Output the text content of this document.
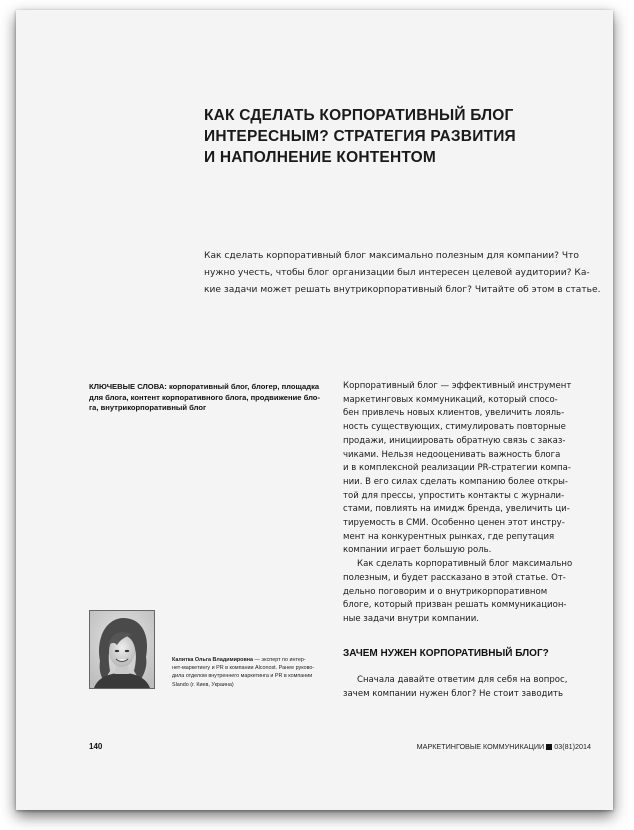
КАК СДЕЛАТЬ КОРПОРАТИВНЫЙ БЛОГ
ИНТЕРЕСНЫМ? СТРАТЕГИЯ РАЗВИТИЯ
И НАПОЛНЕНИЕ КОНТЕНТОМ

Как сделать корпоративный блог максимально полезным для компании? Что
нужно учесть, чтобы блог организации был интересен целевой аудитории? Ка-
кие задачи может решать внутрикорпоративный блог? Читайте об этом в статье.

КЛЮЧЕВЫЕ СЛОВА: корпоративный блог, блогер, площадка
для блога, контент корпоративного блога, продвижение бло-
га, внутрикорпоративный блог

Корпоративный блог — эффективный инструмент
маркетинговых коммуникаций, который спосо-
бен привлечь новых клиентов, увеличить лояль-
ность существующих, стимулировать повторные
продажи, инициировать обратную связь с заказ-
чиками. Нельзя недооценивать важность блога
и в комплексной реализации PR-стратегии компа-
нии. В его силах сделать компанию более откры-
той для прессы, упростить контакты с журнали-
стами, повлиять на имидж бренда, увеличить ци-
тируемость в СМИ. Особенно ценен этот инстру-
мент на конкурентных рынках, где репутация
компании играет большую роль.

Как сделать корпоративный блог максимально
полезным, и будет рассказано в этой статье. От-
дельно поговорим и о внутрикорпоративном
блоге, который призван решать коммуникацион-
ные задачи внутри компании.

ЗАЧЕМ НУЖЕН КОРПОРАТИВНЫЙ БЛОГ?
Сначала давайте ответим для себя на вопрос,
зачем компании нужен блог? Не стоит заводить

Калитка Ольга Владимировна — эксперт по интер-
нет-маркетингу и PR в компании Alconost. Ранее руково-
дила отделом внутреннего маркетинга и PR в компании
Slando (г. Киев, Украина)

140	МАРКЕТИНГОВЫЕ КОММУНИКАЦИИ 03(81)2014
